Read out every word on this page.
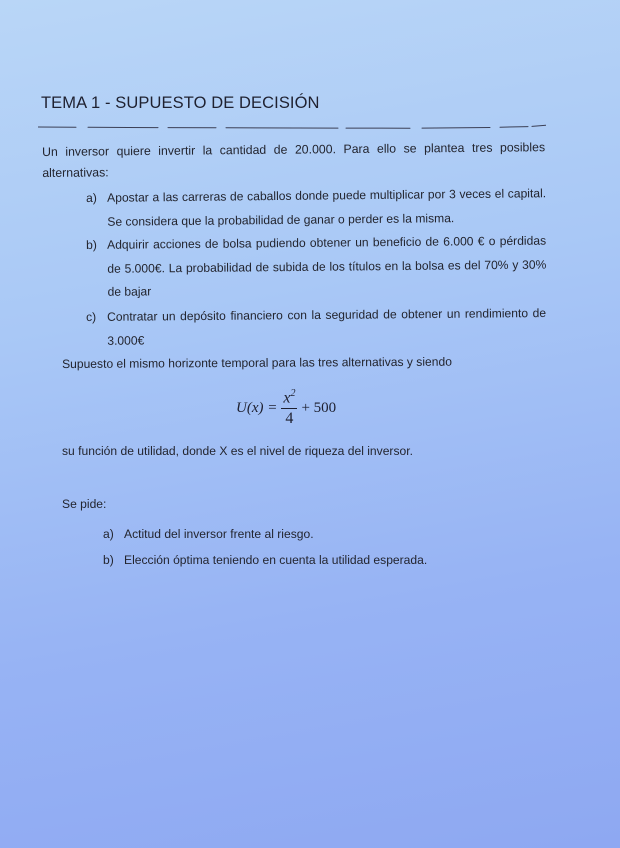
TEMA 1 - SUPUESTO DE DECISIÓN
Un inversor quiere invertir la cantidad de 20.000. Para ello se plantea tres posibles alternativas:
a) Apostar a las carreras de caballos donde puede multiplicar por 3 veces el capital. Se considera que la probabilidad de ganar o perder es la misma.
b) Adquirir acciones de bolsa pudiendo obtener un beneficio de 6.000 € o pérdidas de 5.000€. La probabilidad de subida de los títulos en la bolsa es del 70% y 30% de bajar
c) Contratar un depósito financiero con la seguridad de obtener un rendimiento de 3.000€
Supuesto el mismo horizonte temporal para las tres alternativas y siendo
$U(x) = \frac{x^2}{4} + 500$
su función de utilidad, donde X es el nivel de riqueza del inversor.
Se pide:
a) Actitud del inversor frente al riesgo.
b) Elección óptima teniendo en cuenta la utilidad esperada.
